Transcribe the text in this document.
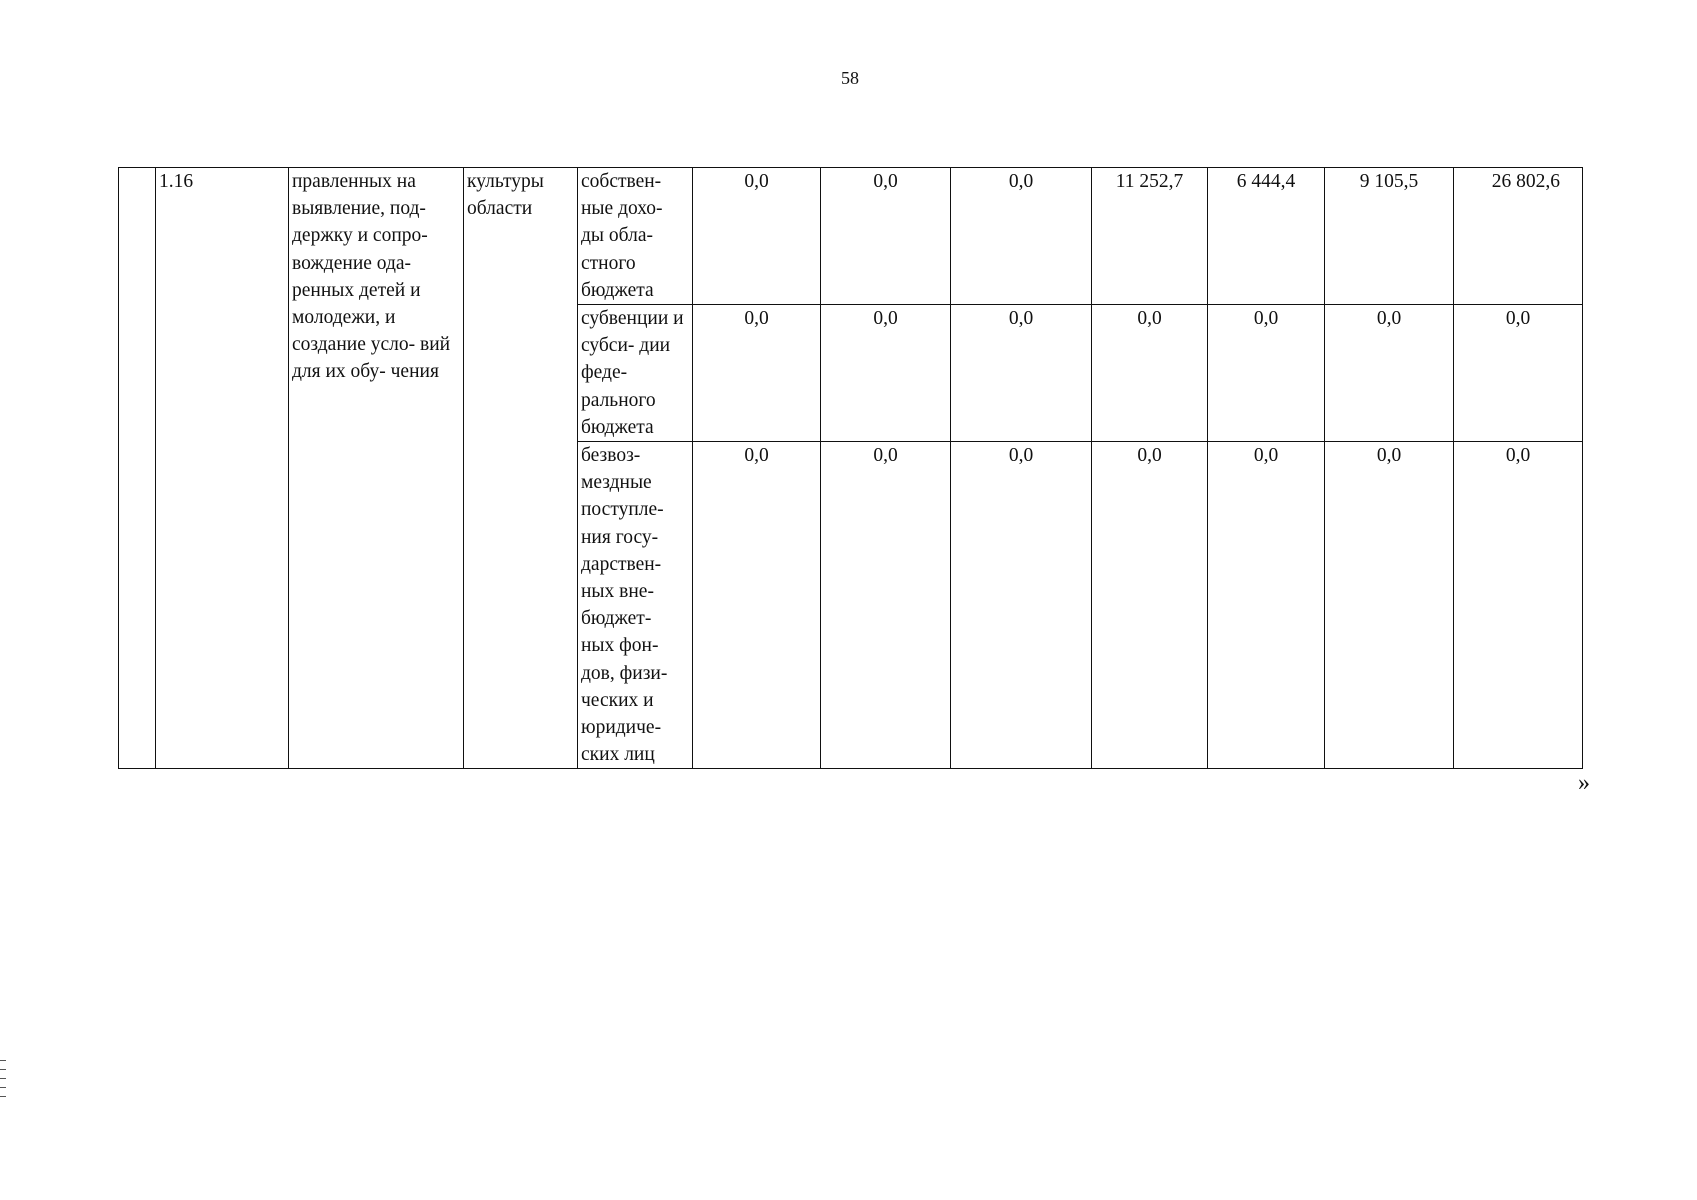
58
	1.16	правленных на выявление, под- держку и сопро- вождение ода- ренных детей и молодежи, и создание усло- вий для их обу- чения	культуры области	собствен- ные дохо- ды обла- стного бюджета	0,0	0,0	0,0	11 252,7	6 444,4	9 105,5	26 802,6
				субвенции и субси- дии феде- рального бюджета	0,0	0,0	0,0	0,0	0,0	0,0	0,0
				безвоз- мездные поступле- ния госу- дарствен- ных вне- бюджет- ных фон- дов, физи- ческих и юридиче- ских лиц	0,0	0,0	0,0	0,0	0,0	0,0	0,0
»
